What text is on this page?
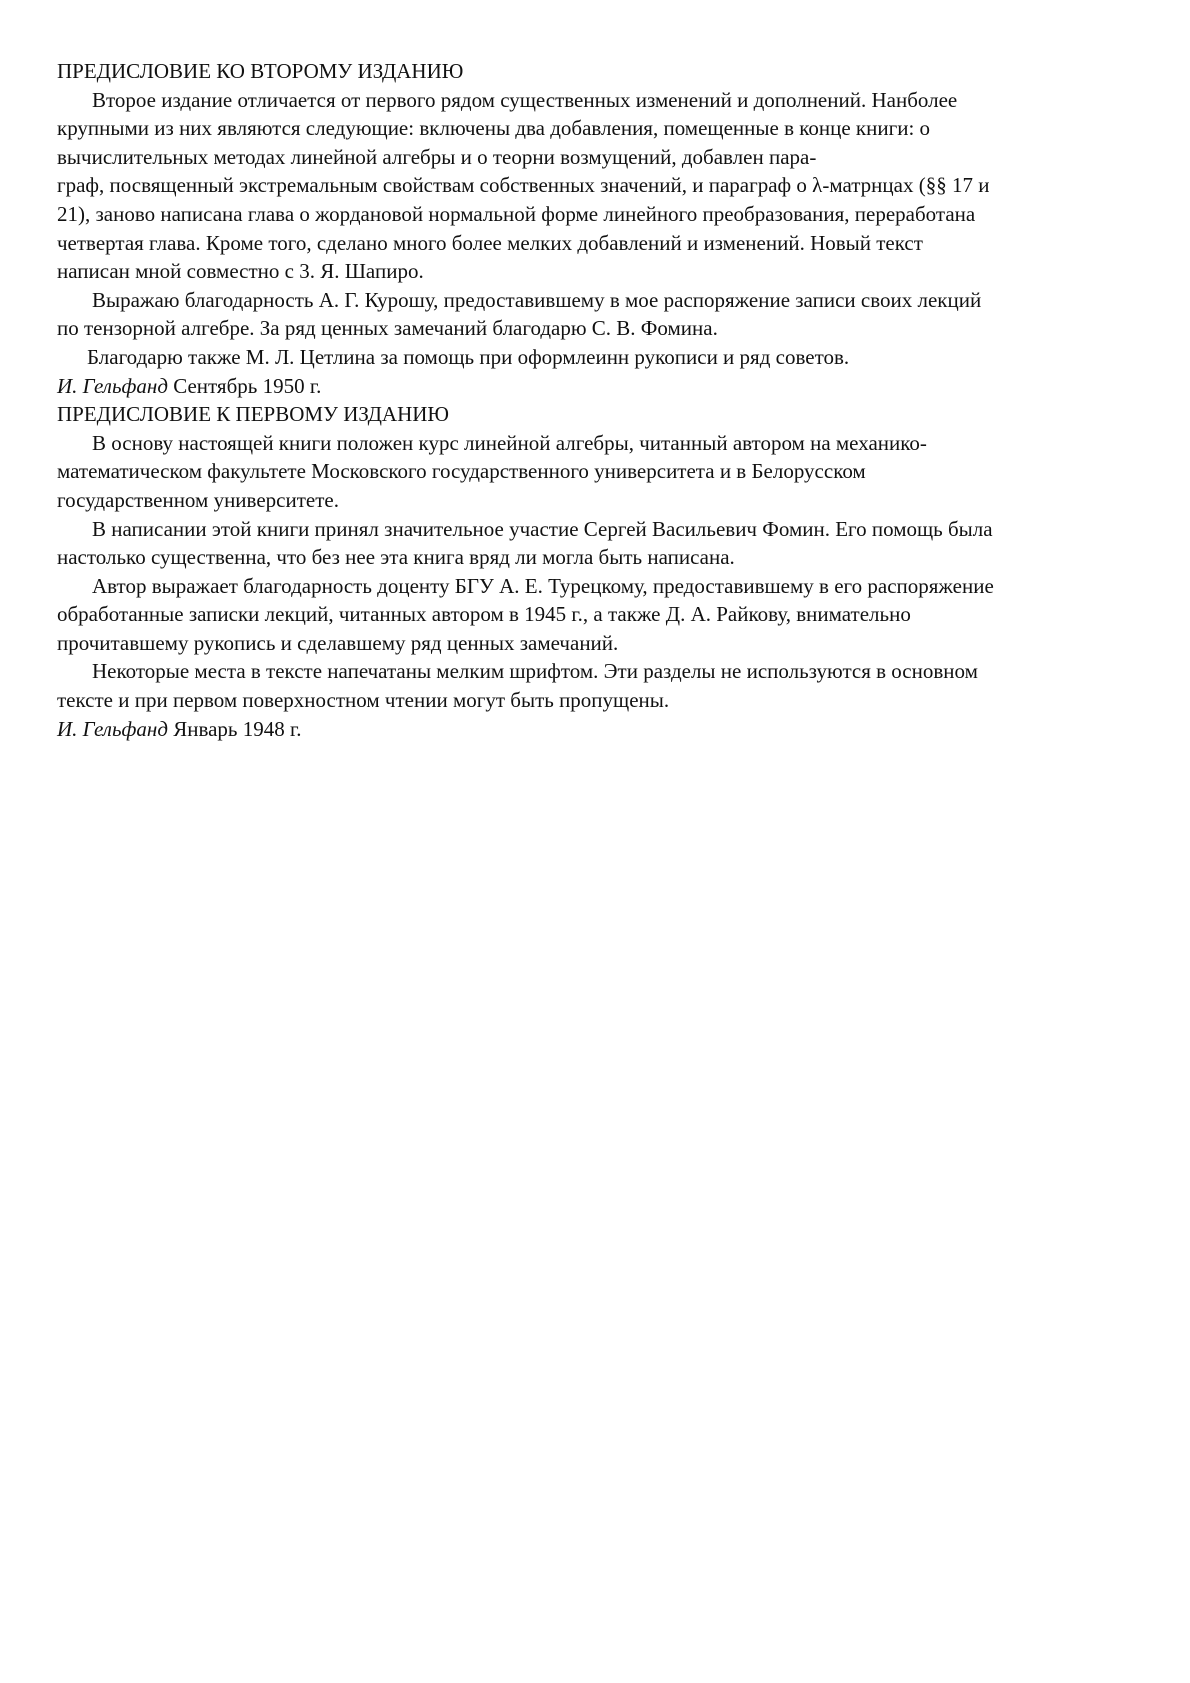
ПРЕДИСЛОВИЕ КО ВТОРОМУ ИЗДАНИЮ
Второе издание отличается от первого рядом существенных изменений и дополнений. Нанболее
крупными из них являются следующие: включены два добавления, помещенные в конце книги: о
вычислительных методах линейной алгебры и о теорни возмущений, добавлен пара-
граф, посвященный экстремальным свойствам собственных значений, и параграф о λ-матрнцах (§§ 17 и
21), заново написана глава о жордановой нормальной форме линейного преобразования, переработана
четвертая глава. Кроме того, сделано много более мелких добавлений и изменений. Новый текст
написан мной совместно с 3. Я. Шапиро.
Выражаю благодарность А. Г. Курошу, предоставившему в мое распоряжение записи своих лекций
по тензорной алгебре. За ряд ценных замечаний благодарю С. В. Фомина.
Благодарю также М. Л. Цетлина за помощь при оформлеинн рукописи и ряд советов.
И. Гельфанд Сентябрь 1950 г.
ПРЕДИСЛОВИЕ К ПЕРВОМУ ИЗДАНИЮ
В основу настоящей книги положен курс линейной алгебры, читанный автором на механико-
математическом факультете Московского государственного университета и в Белорусском
государственном университете.
В написании этой книги принял значительное участие Сергей Васильевич Фомин. Его помощь была
настолько существенна, что без нее эта книга вряд ли могла быть написана.
Автор выражает благодарность доценту БГУ А. Е. Турецкому, предоставившему в его распоряжение
обработанные записки лекций, читанных автором в 1945 г., а также Д. А. Райкову, внимательно
прочитавшему рукопись и сделавшему ряд ценных замечаний.
Некоторые места в тексте напечатаны мелким шрифтом. Эти разделы не используются в основном
тексте и при первом поверхностном чтении могут быть пропущены.
И. Гельфанд Январь 1948 г.
